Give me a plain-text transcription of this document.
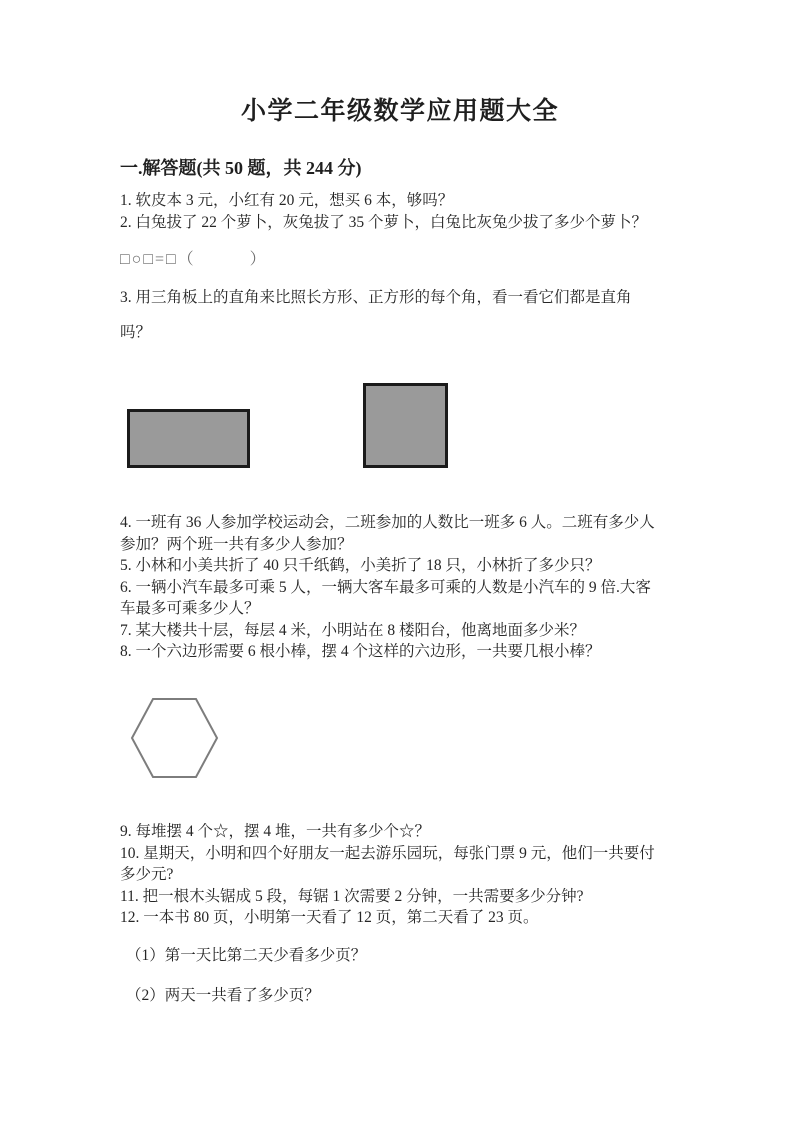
小学二年级数学应用题大全
一.解答题(共 50 题，共 244 分)
1. 软皮本 3 元，小红有 20 元，想买 6 本，够吗？
2. 白兔拔了 22 个萝卜，灰兔拔了 35 个萝卜，白兔比灰兔少拔了多少个萝卜？
□○□=□（　　　）
3. 用三角板上的直角来比照长方形、正方形的每个角，看一看它们都是直角
吗？
4. 一班有 36 人参加学校运动会，二班参加的人数比一班多 6 人。二班有多少人
参加？两个班一共有多少人参加？
5. 小林和小美共折了 40 只千纸鹤，小美折了 18 只，小林折了多少只？
6. 一辆小汽车最多可乘 5 人，一辆大客车最多可乘的人数是小汽车的 9 倍.大客
车最多可乘多少人？
7. 某大楼共十层，每层 4 米，小明站在 8 楼阳台，他离地面多少米？
8. 一个六边形需要 6 根小棒，摆 4 个这样的六边形，一共要几根小棒？
9. 每堆摆 4 个☆，摆 4 堆，一共有多少个☆？
10. 星期天，小明和四个好朋友一起去游乐园玩，每张门票 9 元，他们一共要付
多少元?
11. 把一根木头锯成 5 段，每锯 1 次需要 2 分钟，一共需要多少分钟?
12. 一本书 80 页，小明第一天看了 12 页，第二天看了 23 页。
（1）第一天比第二天少看多少页？
（2）两天一共看了多少页？
